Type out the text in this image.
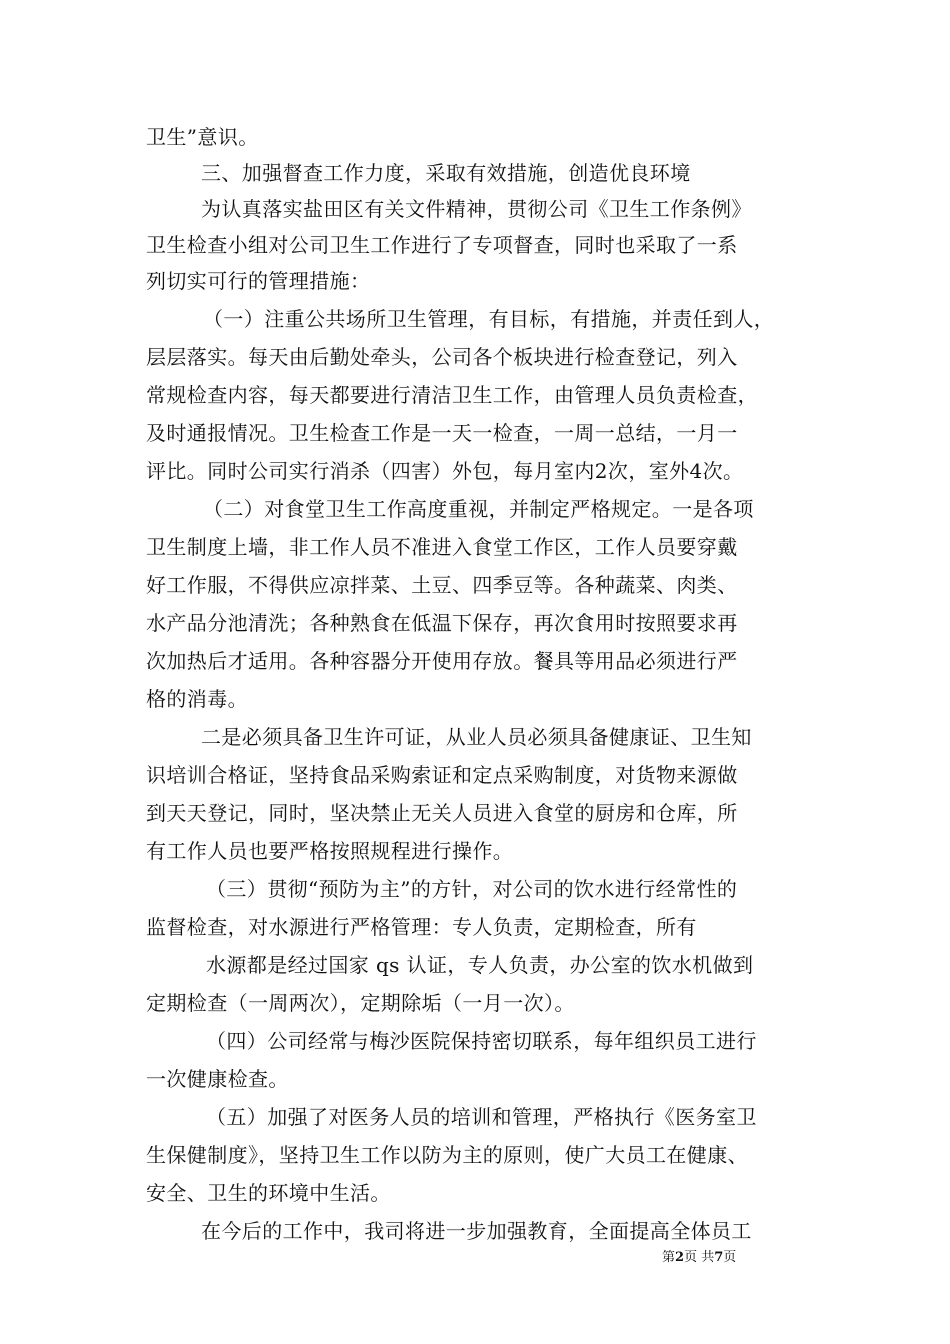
卫生”意识。
三、加强督查工作力度，采取有效措施，创造优良环境
为认真落实盐田区有关文件精神，贯彻公司《卫生工作条例》
卫生检查小组对公司卫生工作进行了专项督查，同时也采取了一系
列切实可行的管理措施：
（一）注重公共场所卫生管理，有目标，有措施，并责任到人，
层层落实。每天由后勤处牵头，公司各个板块进行检查登记，列入
常规检查内容，每天都要进行清洁卫生工作，由管理人员负责检查，
及时通报情况。卫生检查工作是一天一检查，一周一总结，一月一
评比。同时公司实行消杀（四害）外包，每月室内2次，室外4次。
（二）对食堂卫生工作高度重视，并制定严格规定。一是各项
卫生制度上墙，非工作人员不准进入食堂工作区，工作人员要穿戴
好工作服，不得供应凉拌菜、土豆、四季豆等。各种蔬菜、肉类、
水产品分池清洗；各种熟食在低温下保存，再次食用时按照要求再
次加热后才适用。各种容器分开使用存放。餐具等用品必须进行严
格的消毒。
二是必须具备卫生许可证，从业人员必须具备健康证、卫生知
识培训合格证，坚持食品采购索证和定点采购制度，对货物来源做
到天天登记，同时，坚决禁止无关人员进入食堂的厨房和仓库，所
有工作人员也要严格按照规程进行操作。
（三）贯彻“预防为主”的方针，对公司的饮水进行经常性的
监督检查，对水源进行严格管理：专人负责，定期检查，所有
水源都是经过国家 qs 认证，专人负责，办公室的饮水机做到
定期检查（一周两次），定期除垢（一月一次）。
（四）公司经常与梅沙医院保持密切联系，每年组织员工进行
一次健康检查。
（五）加强了对医务人员的培训和管理，严格执行《医务室卫
生保健制度》，坚持卫生工作以防为主的原则，使广大员工在健康、
安全、卫生的环境中生活。
在今后的工作中，我司将进一步加强教育，全面提高全体员工
第2页 共7页
